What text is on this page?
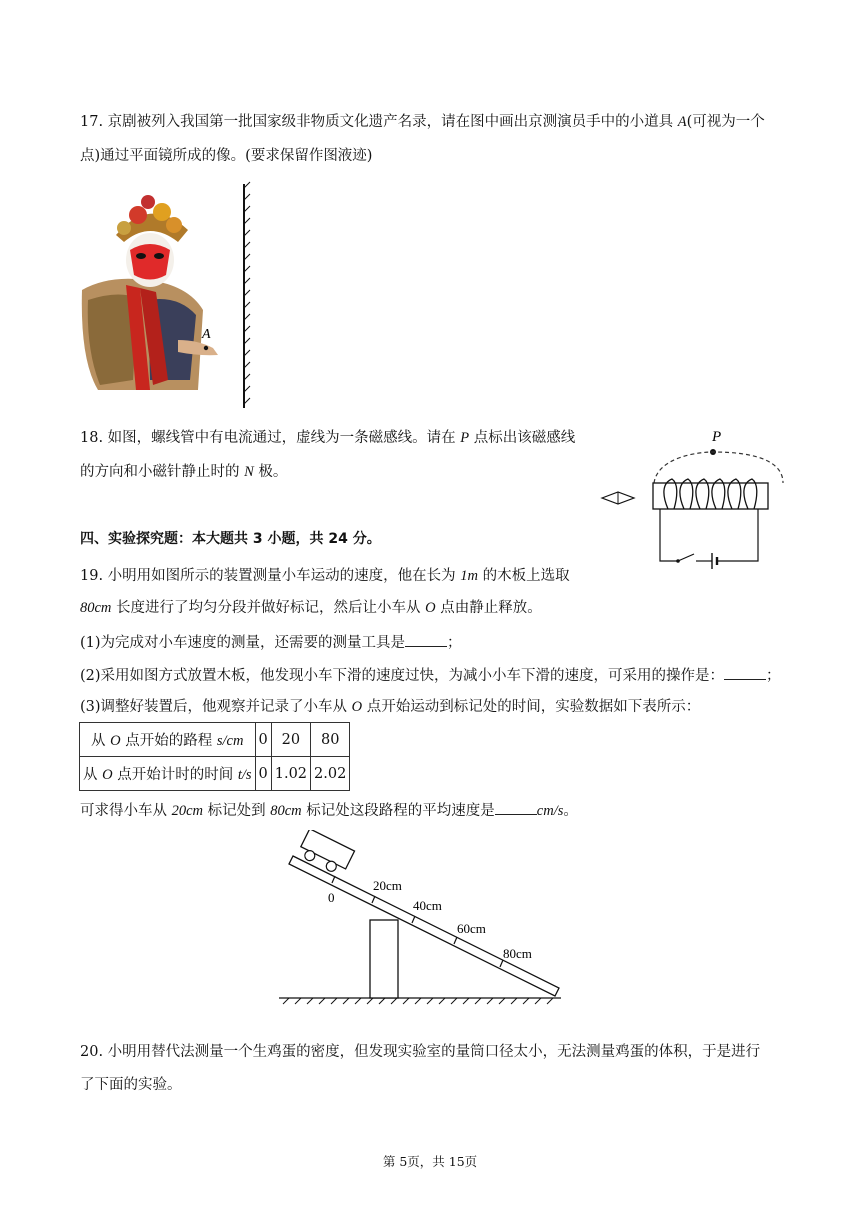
17. 京剧被列入我国第一批国家级非物质文化遗产名录，请在图中画出京测演员手中的小道具 A(可视为一个
点)通过平面镜所成的像。(要求保留作图液迹)
A
18. 如图，螺线管中有电流通过，虚线为一条磁感线。请在 P 点标出该磁感线
的方向和小磁针静止时的 N 极。
P
四、实验探究题：本大题共 3 小题，共 24 分。
19. 小明用如图所示的装置测量小车运动的速度，他在长为 1m 的木板上选取
80cm 长度进行了均匀分段并做好标记，然后让小车从 O 点由静止释放。
(1)为完成对小车速度的测量，还需要的测量工具是	；
(2)采用如图方式放置木板，他发现小车下滑的速度过快，为减小小车下滑的速度，可采用的操作是：	；
(3)调整好装置后，他观察并记录了小车从 O 点开始运动到标记处的时间，实验数据如下表所示：
从 O 点开始的路程 s/cm	0	20	80
从 O 点开始计时的时间 t/s	0	1.02	2.02
可求得小车从 20cm 标记处到 80cm 标记处这段路程的平均速度是	cm/s。
0
20cm
40cm
60cm
80cm
20. 小明用替代法测量一个生鸡蛋的密度，但发现实验室的量筒口径太小，无法测量鸡蛋的体积，于是进行
了下面的实验。
第 5页，共 15页
